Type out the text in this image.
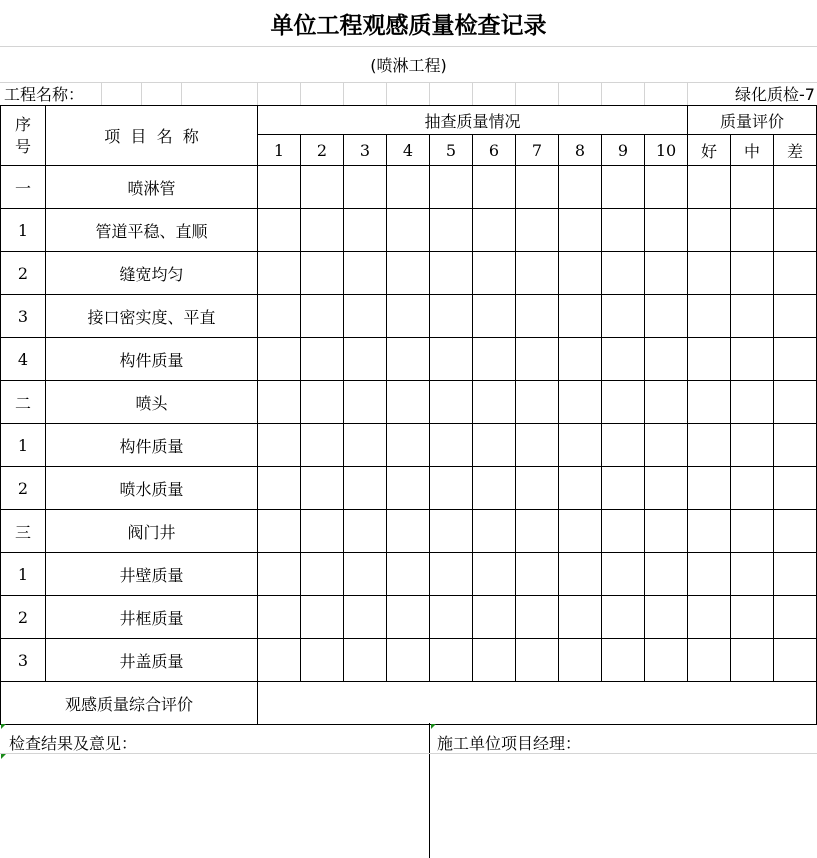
单位工程观感质量检查记录
(喷淋工程)
工程名称：	绿化质检-7
序号	项  目  名  称	抽查质量情况										质量评价		
		1	2	3	4	5	6	7	8	9	10	好	中	差
一	喷淋管													
1	管道平稳、直顺													
2	缝宽均匀													
3	接口密实度、平直													
4	构件质量													
二	喷头													
1	构件质量													
2	喷水质量													
三	阀门井													
1	井壁质量													
2	井框质量													
3	井盖质量													
观感质量综合评价														
检查结果及意见：	施工单位项目经理：
